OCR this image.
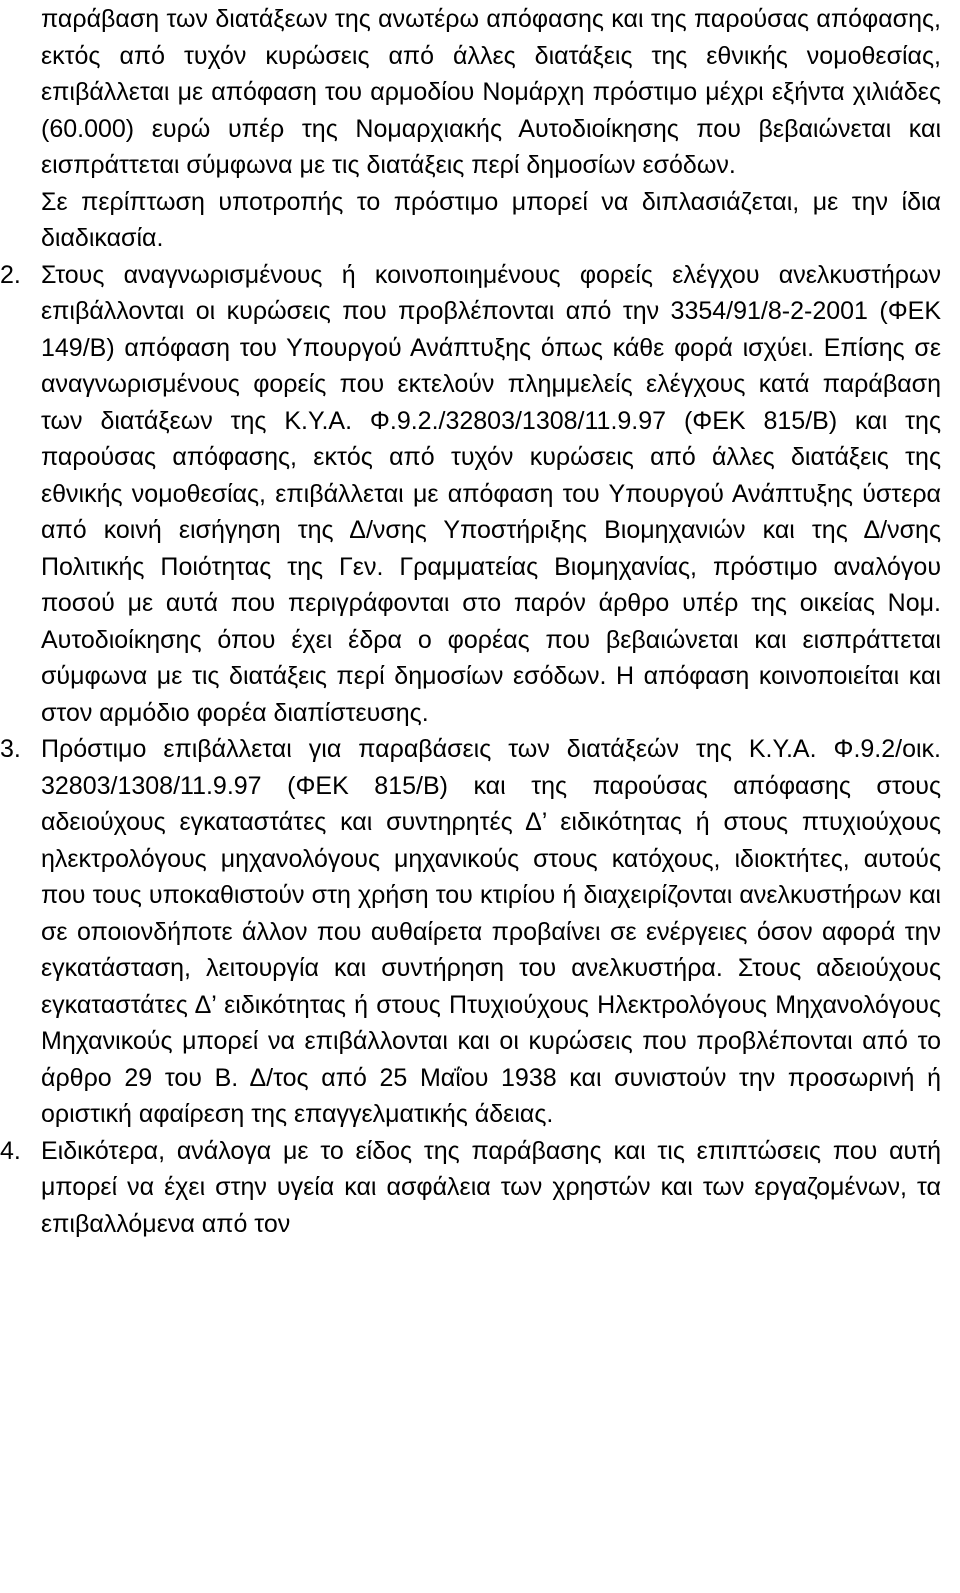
παράβαση των διατάξεων της ανωτέρω απόφασης και της παρούσας απόφασης, εκτός από τυχόν κυρώσεις από άλλες διατάξεις της εθνικής νομοθεσίας, επιβάλλεται με απόφαση του αρμοδίου Νομάρχη πρόστιμο μέχρι εξήντα χιλιάδες (60.000) ευρώ υπέρ της Νομαρχιακής Αυτοδιοίκησης που βεβαιώνεται και εισπράττεται σύμφωνα με τις διατάξεις περί δημοσίων εσόδων.

Σε περίπτωση υποτροπής το πρόστιμο μπορεί να διπλασιάζεται, με την ίδια διαδικασία.

2. Στους αναγνωρισμένους ή κοινοποιημένους φορείς ελέγχου ανελκυστήρων επιβάλλονται οι κυρώσεις που προβλέπονται από την 3354/91/8-2-2001 (ΦΕΚ 149/Β) απόφαση του Υπουργού Ανάπτυξης όπως κάθε φορά ισχύει. Επίσης σε αναγνωρισμένους φορείς που εκτελούν πλημμελείς ελέγχους κατά παράβαση των διατάξεων της Κ.Υ.Α. Φ.9.2./32803/1308/11.9.97 (ΦΕΚ 815/Β) και της παρούσας απόφασης, εκτός από τυχόν κυρώσεις από άλλες διατάξεις της εθνικής νομοθεσίας, επιβάλλεται με απόφαση του Υπουργού Ανάπτυξης ύστερα από κοινή εισήγηση της Δ/νσης Υποστήριξης Βιομηχανιών και της Δ/νσης Πολιτικής Ποιότητας της Γεν. Γραμματείας Βιομηχανίας, πρόστιμο αναλόγου ποσού με αυτά που περιγράφονται στο παρόν άρθρο υπέρ της οικείας Νομ. Αυτοδιοίκησης όπου έχει έδρα ο φορέας που βεβαιώνεται και εισπράττεται σύμφωνα με τις διατάξεις περί δημοσίων εσόδων. Η απόφαση κοινοποιείται και στον αρμόδιο φορέα διαπίστευσης.
3. Πρόστιμο επιβάλλεται για παραβάσεις των διατάξεών της Κ.Υ.Α. Φ.9.2/οικ. 32803/1308/11.9.97 (ΦΕΚ 815/Β) και της παρούσας απόφασης στους αδειούχους εγκαταστάτες και συντηρητές Δ’ ειδικότητας ή στους πτυχιούχους ηλεκτρολόγους μηχανολόγους μηχανικούς στους κατόχους, ιδιοκτήτες, αυτούς που τους υποκαθιστούν στη χρήση του κτιρίου ή διαχειρίζονται ανελκυστήρων και σε οποιονδήποτε άλλον που αυθαίρετα προβαίνει σε ενέργειες όσον αφορά την εγκατάσταση, λειτουργία και συντήρηση του ανελκυστήρα. Στους αδειούχους εγκαταστάτες Δ’ ειδικότητας ή στους Πτυχιούχους Ηλεκτρολόγους Μηχανολόγους Μηχανικούς μπορεί να επιβάλλονται και οι κυρώσεις που προβλέπονται από το άρθρο 29 του Β. Δ/τος από 25 Μαΐου 1938 και συνιστούν την προσωρινή ή οριστική αφαίρεση της επαγγελματικής άδειας.
4. Ειδικότερα, ανάλογα με το είδος της παράβασης και τις επιπτώσεις που αυτή μπορεί να έχει στην υγεία και ασφάλεια των χρηστών και των εργαζομένων, τα επιβαλλόμενα από τον
